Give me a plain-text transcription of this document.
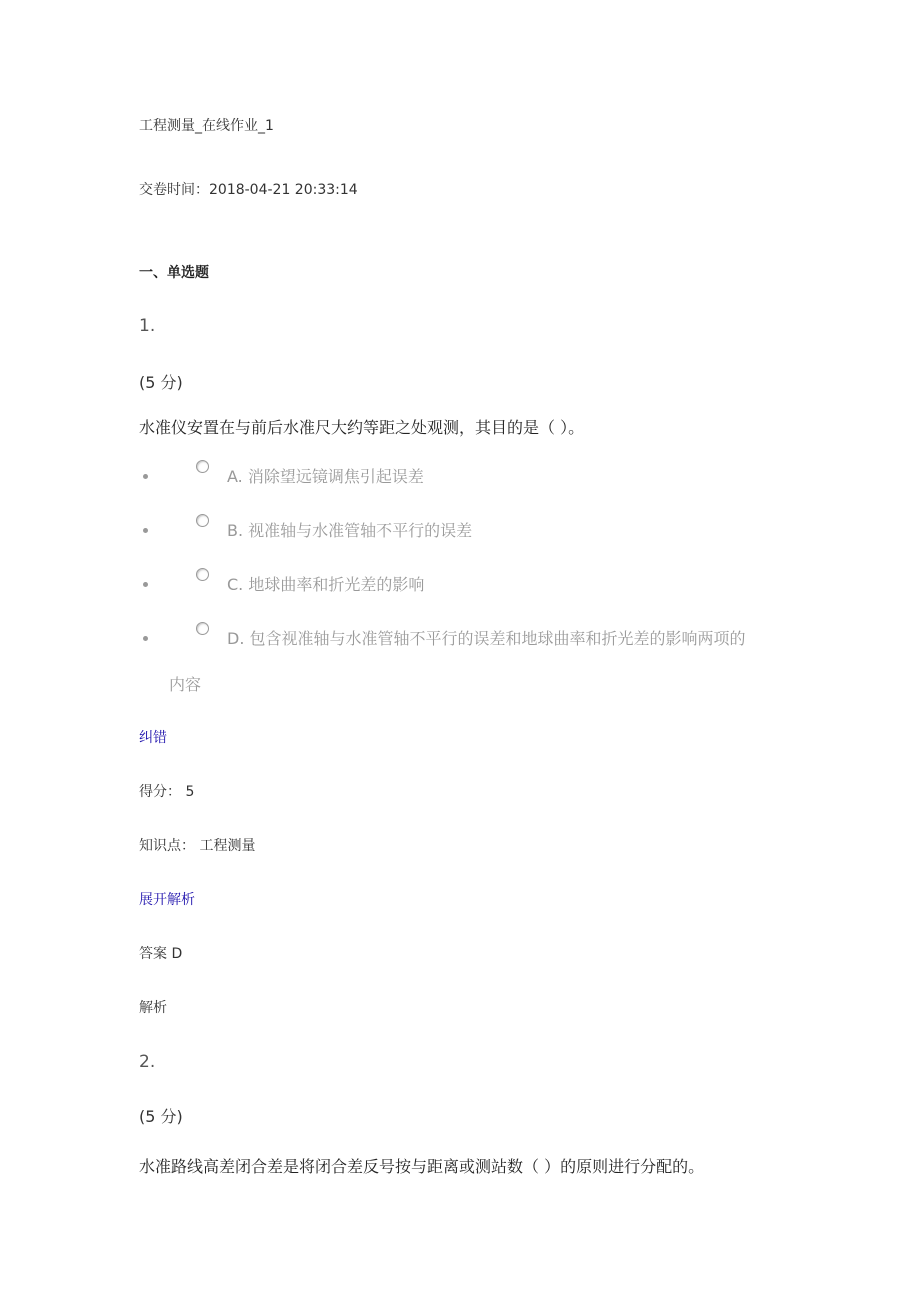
工程测量_在线作业_1
交卷时间：2018-04-21 20:33:14
一、单选题
1.
(5 分)
水准仪安置在与前后水准尺大约等距之处观测，其目的是（ ）。
A. 消除望远镜调焦引起误差
B. 视准轴与水准管轴不平行的误差
C. 地球曲率和折光差的影响
D. 包含视准轴与水准管轴不平行的误差和地球曲率和折光差的影响两项的
内容
纠错
得分： 5
知识点： 工程测量
展开解析
答案 D
解析
2.
(5 分)
水准路线高差闭合差是将闭合差反号按与距离或测站数（ ）的原则进行分配的。
